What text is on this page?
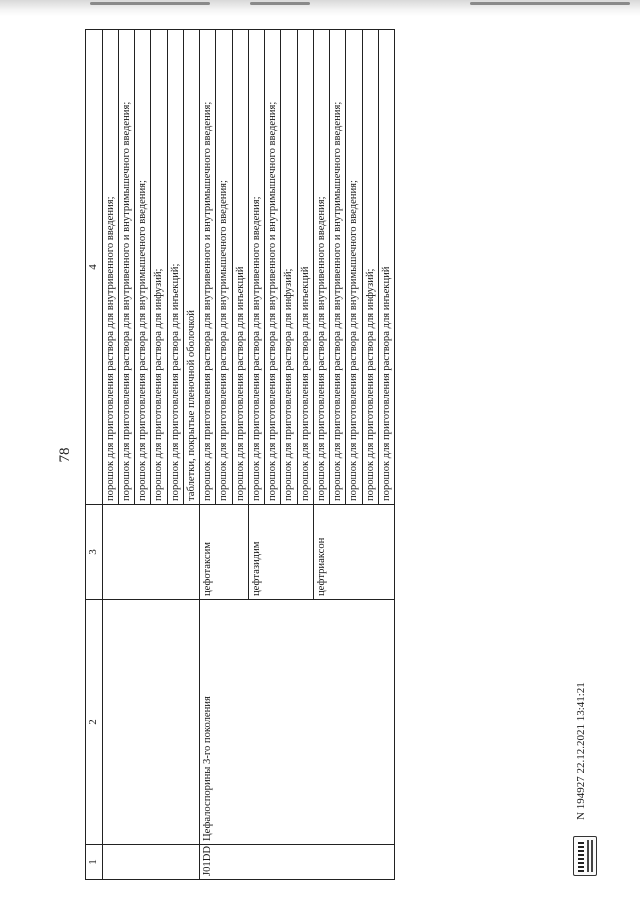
78
1	2	3	4
			порошок для приготовления раствора для внутривенного введения;
			порошок для приготовления раствора для внутривенного и внутримышечного введения;
			порошок для приготовления раствора для внутримышечного введения;
			порошок для приготовления раствора для инфузий;
			порошок для приготовления раствора для инъекций;
			таблетки, покрытые пленочной оболочкой
J01DD	Цефалоспорины 3-го поколения	цефотаксим	порошок для приготовления раствора для внутривенного и внутримышечного введения;
			порошок для приготовления раствора для внутримышечного введения;
			порошок для приготовления раствора для инъекций
		цефтазидим	порошок для приготовления раствора для внутривенного введения;
			порошок для приготовления раствора для внутривенного и внутримышечного введения;
			порошок для приготовления раствора для инфузий;
			порошок для приготовления раствора для инъекций
		цефтриаксон	порошок для приготовления раствора для внутривенного введения;
			порошок для приготовления раствора для внутривенного и внутримышечного введения;
			порошок для приготовления раствора для внутримышечного введения;
			порошок для приготовления раствора для инфузий;
			порошок для приготовления раствора для инъекций
N 194927 22.12.2021 13:41:21
